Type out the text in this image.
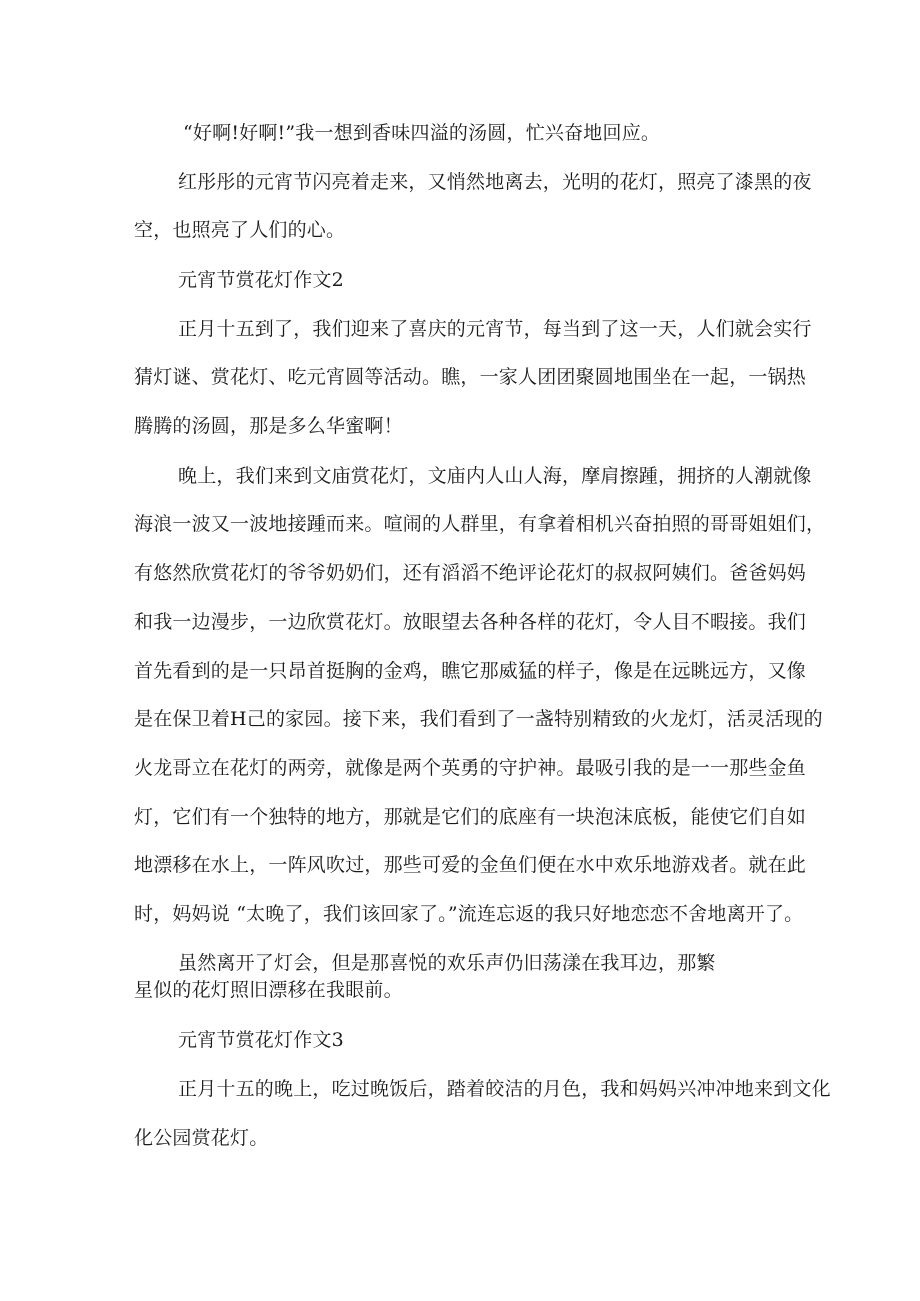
“好啊!好啊!”我一想到香味四溢的汤圆，忙兴奋地回应。
红彤彤的元宵节闪亮着走来，又悄然地离去，光明的花灯，照亮了漆黑的夜
空，也照亮了人们的心。
元宵节赏花灯作文2
正月十五到了，我们迎来了喜庆的元宵节，每当到了这一天，人们就会实行
猜灯谜、赏花灯、吃元宵圆等活动。瞧，一家人团团聚圆地围坐在一起，一锅热
腾腾的汤圆，那是多么华蜜啊！
晚上，我们来到文庙赏花灯，文庙内人山人海，摩肩擦踵，拥挤的人潮就像
海浪一波又一波地接踵而来。喧闹的人群里，有拿着相机兴奋拍照的哥哥姐姐们，
有悠然欣赏花灯的爷爷奶奶们，还有滔滔不绝评论花灯的叔叔阿姨们。爸爸妈妈
和我一边漫步，一边欣赏花灯。放眼望去各种各样的花灯，令人目不暇接。我们
首先看到的是一只昂首挺胸的金鸡，瞧它那威猛的样子，像是在远眺远方，又像
是在保卫着H己的家园。接下来，我们看到了一盏特别精致的火龙灯，活灵活现的
火龙哥立在花灯的两旁，就像是两个英勇的守护神。最吸引我的是一一那些金鱼
灯，它们有一个独特的地方，那就是它们的底座有一块泡沫底板，能使它们自如
地漂移在水上，一阵风吹过，那些可爱的金鱼们便在水中欢乐地游戏者。就在此
时，妈妈说 “太晚了，我们该回家了。”流连忘返的我只好地恋恋不舍地离开了。
虽然离开了灯会，但是那喜悦的欢乐声仍旧荡漾在我耳边，那繁
星似的花灯照旧漂移在我眼前。
元宵节赏花灯作文3
正月十五的晚上，吃过晚饭后，踏着皎洁的月色，我和妈妈兴冲冲地来到文化
化公园赏花灯。
